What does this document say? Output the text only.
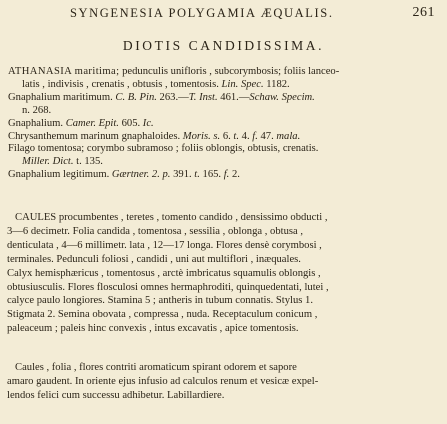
SYNGENESIA POLYGAMIA ÆQUALIS.	261
DIOTIS CANDIDISSIMA.
ATHANASIA maritima; pedunculis unifloris , subcorymbosis; foliis lanceo-
latis , indivisis , crenatis , obtusis , tomentosis. Lin. Spec. 1182.
Gnaphalium maritimum. C. B. Pin. 263.—T. Inst. 461.—Schaw. Specim.
n. 268.
Gnaphalium. Camer. Epit. 605. Ic.
Chrysanthemum marinum gnaphaloides. Moris. s. 6. t. 4. f. 47. mala.
Filago tomentosa; corymbo subramoso ; foliis oblongis, obtusis, crenatis.
Miller. Dict. t. 135.
Gnaphalium legitimum. Gærtner. 2. p. 391. t. 165. f. 2.
CAULES procumbentes , teretes , tomento candido , densissimo obducti ,
3—6 decimetr. Folia candida , tomentosa , sessilia , oblonga , obtusa ,
denticulata , 4—6 millimetr. lata , 12—17 longa. Flores densè corymbosi ,
terminales. Pedunculi foliosi , candidi , uni aut multiflori , inæquales.
Calyx hemisphæricus , tomentosus , arctè imbricatus squamulis oblongis ,
obtusiusculis. Flores flosculosi omnes hermaphroditi, quinquedentati, lutei ,
calyce paulo longiores. Stamina 5 ; antheris in tubum connatis. Stylus 1.
Stigmata 2. Semina obovata , compressa , nuda. Receptaculum conicum ,
paleaceum ; paleis hinc convexis , intus excavatis , apice tomentosis.
Caules , folia , flores contriti aromaticum spirant odorem et sapore
amaro gaudent. In oriente ejus infusio ad calculos renum et vesicæ expel-
lendos felici cum successu adhibetur. Labillardiere.
